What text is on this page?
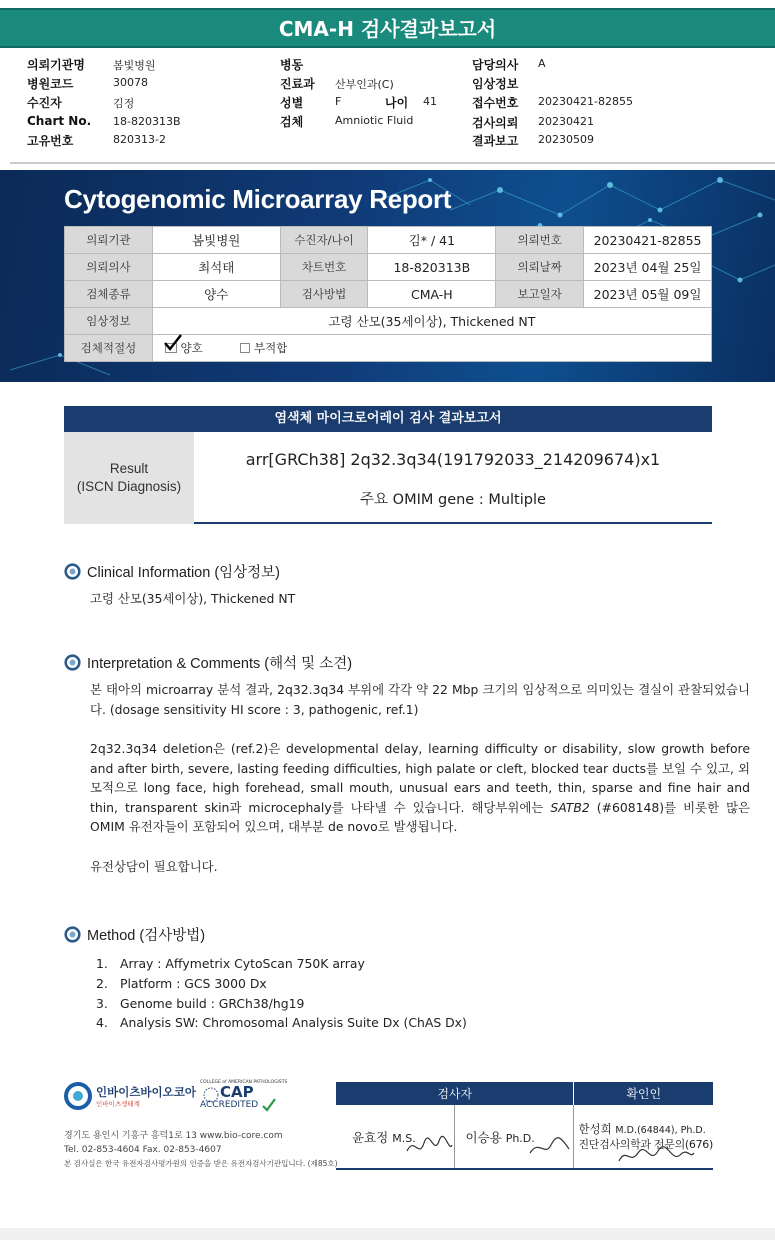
CMA-H 검사결과보고서
의뢰기관명	봄빛병원
병원코드	30078
수진자	김정
Chart No. 18-820313B
고유번호	820313-2
병동
진료과 산부인과(C)
성별	F	나이 41
검체	Amniotic Fluid
담당의사 A
임상정보
접수번호 20230421-82855
검사의뢰 20230421
결과보고 20230509
Cytogenomic Microarray Report
의뢰기관	봄빛병원	수진자/나이	김* / 41	의뢰번호	20230421-82855
의뢰의사	최석태	차트번호	18-820313B	의뢰날짜	2023년 04월 25일
검체종류	양수	검사방법	CMA-H	보고일자	2023년 05월 09일
임상정보	고령 산모(35세이상), Thickened NT				
검체적절성	양호 부적합				
염색체 마이크로어레이 검사 결과보고서
Result
(ISCN Diagnosis)
arr[GRCh38] 2q32.3q34(191792033_214209674)x1
주요 OMIM gene : Multiple
Clinical Information (임상정보)
고령 산모(35세이상), Thickened NT
Interpretation & Comments (해석 및 소견)
본 태아의 microarray 분석 결과, 2q32.3q34 부위에 각각 약 22 Mbp 크기의 임상적으로 의미있는 결실이 관찰되었습니다. (dosage sensitivity HI score : 3, pathogenic, ref.1)
2q32.3q34 deletion은 (ref.2)은 developmental delay, learning difficulty or disability, slow growth before and after birth, severe, lasting feeding difficulties, high palate or cleft, blocked tear ducts를 보일 수 있고, 외모적으로 long face, high forehead, small mouth, unusual ears and teeth, thin, sparse and fine hair and thin, transparent skin과 microcephaly를 나타낼 수 있습니다. 해당부위에는 SATB2 (#608148)를 비롯한 많은 OMIM 유전자들이 포함되어 있으며, 대부분 de novo로 발생됩니다.
유전상담이 필요합니다.
Method (검사방법)
1. Array : Affymetrix CytoScan 750K array
2. Platform : GCS 3000 Dx
3. Genome build : GRCh38/hg19
4. Analysis SW: Chromosomal Analysis Suite Dx (ChAS Dx)
인바이츠바이오코아
인바이츠생태계
COLLEGE of AMERICAN PATHOLOGISTS
CAP
ACCREDITED
경기도 용인시 기흥구 흥덕1로 13 www.bio-core.com
Tel. 02-853-4604 Fax. 02-853-4607
본 검사실은 한국 유전자검사평가원의 인증을 받은 유전자검사기관입니다. (제85호)
검사자		확인인
윤효정 M.S.	이승용 Ph.D.	한성희 M.D.(64844), Ph.D.
진단검사의학과 전문의(676)
